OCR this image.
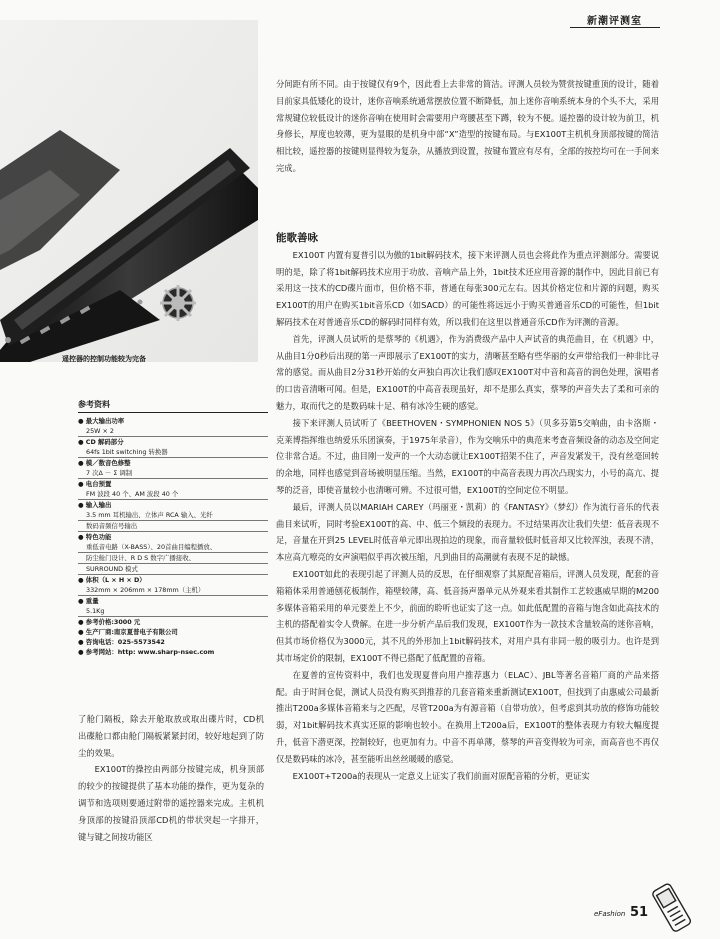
新潮评测室
遥控器的控制功能较为完备
参考资料
● 最大输出功率
25W × 2
● CD 解码部分
64fs 1bit switching 转换器
● 模／数音色修整
7 次Δ － Σ 调制
● 电台预置
FM 波段 40 个、AM 波段 40 个
● 输入输出
3.5 mm 耳机输出、立体声 RCA 输入、光纤
数码音频信号输出
● 特色功能
重低音电路（X-BASS）、20首曲目编程播放、
防尘舱门设计、R D S 数字广播接收、
SURROUND 模式
● 体积（L × H × D）
332mm × 206mm × 178mm（主机）
● 重量
5.1Kg
● 参考价格:3000 元
● 生产厂商:南京夏普电子有限公司
● 咨询电话：025-5573542
● 参考网站：http: www.sharp-nsec.com
分间距有所不同。由于按键仅有9个，因此看上去非常的简洁。评测人员较为赞赏按键重顶的设计，随着目前家具低矮化的设计，迷你音响系统通常摆放位置不断降低，加上迷你音响系统本身的个头不大，采用常规键位较低设计的迷你音响在使用时会需要用户弯腰甚至下蹲，较为不便。遥控器的设计较为前卫，机身修长，厚度也较薄，更为显眼的是机身中部“X”造型的按键布局。与EX100T主机机身顶部按键的简洁相比较，遥控器的按键则显得较为复杂，从播放到设置，按键布置应有尽有，全部的按控均可在一手间来完成。

能歌善咏

EX100T 内置有夏普引以为傲的1bit解码技术，接下来评测人员也会将此作为重点评测部分。需要说明的是，除了将1bit解码技术应用于功放、音响产品上外，1bit技术还应用音源的制作中，因此目前已有采用这一技术的CD碟片面市，但价格不菲，普通在每张300元左右。因其价格定位和片源的问题，购买EX100T的用户在购买1bit音乐CD（如SACD）的可能性将远远小于购买普通音乐CD的可能性，但1bit解码技术在对普通音乐CD的解码时同样有效，所以我们在这里以普通音乐CD作为评测的音源。

首先，评测人员试听的是蔡琴的《机遇》，作为消费级产品中人声试音的典范曲目，在《机遇》中，从曲目1分0秒后出现的第一声即展示了EX100T的实力，清晰甚至略有些华丽的女声带给我们一种非比寻常的感觉。而从曲目2分31秒开始的女声独白再次让我们感叹EX100T对中音和高音的润色处理，演唱者的口齿音清晰可闻。但是，EX100T的中高音表现虽好，却不是那么真实，蔡琴的声音失去了柔和可亲的魅力，取而代之的是数码味十足、稍有冰冷生硬的感觉。

接下来评测人员试听了《BEETHOVEN・SYMPHONIEN NOS 5》（贝多芬第5交响曲，由卡洛斯・克莱博指挥维也纳爱乐乐团演奏，于1975年录音），作为交响乐中的典范来考查音频设备的动态及空间定位非常合适。不过，曲目刚一发声的一个大动态就让EX100T招架不住了，声音发紧发干，没有丝毫回转的余地，同样也感觉到音场被明显压缩。当然，EX100T的中高音表现力再次凸现实力，小号的高亢、提琴的泛音，即使音量较小也清晰可辨。不过很可惜，EX100T的空间定位不明显。

最后，评测人员以MARIAH CAREY（玛丽亚・凯莉）的《FANTASY》（梦幻）作为流行音乐的代表曲目来试听，同时考验EX100T的高、中、低三个频段的表现力。不过结果再次让我们失望：低音表现不足，音量在开到25 LEVEL时低音单元即出现拍边的现象，而音量较低时低音却又比较浑浊，表现不清，本应高亢嘹亮的女声演唱似乎再次被压缩，凡到曲目的高潮就有表现不足的缺憾。

EX100T如此的表现引起了评测人员的反思，在仔细观察了其原配音箱后，评测人员发现，配套的音箱箱体采用普通刨花板制作，箱壁较薄，高、低音扬声器单元从外观来看其制作工艺较惠威早期的M200多媒体音箱采用的单元要差上不少，前面的聆听也证实了这一点。如此低配置的音箱与饱含如此高技术的主机的搭配着实令人费解。在进一步分析产品后我们发现，EX100T作为一款技术含量较高的迷你音响，但其市场价格仅为3000元，其不凡的外形加上1bit解码技术，对用户具有非同一般的吸引力。也许是到其市场定价的限制，EX100T不得已搭配了低配置的音箱。

在夏普的宣传资料中，我们也发现夏普向用户推荐惠力（ELAC）、JBL等著名音箱厂商的产品来搭配。由于时间仓促，测试人员没有购买到推荐的几套音箱来重新测试EX100T，但找到了由惠威公司最新推出T200a多媒体音箱来与之匹配，尽管T200a为有源音箱（自带功放），但考虑到其功放的修饰功能较弱，对1bit解码技术真实还原的影响也较小。在换用上T200a后，EX100T的整体表现力有较大幅度提升，低音下潜更深，控制较好，也更加有力。中音不再单薄，蔡琴的声音变得较为可亲，而高音也不再仅仅是数码味的冰冷，甚至能听出丝丝暖暖的感觉。

EX100T+T200a的表现从一定意义上证实了我们前面对原配音箱的分析，更证实

了舱门隔板，除去开舱取放或取出碟片时，CD机出碟舱口都由舱门隔板紧紧封闭，较好地起到了防尘的效果。

EX100T的操控由两部分按键完成，机身顶部的较少的按键提供了基本功能的操作，更为复杂的调节和选项则要通过附带的遥控器来完成。主机机身顶部的按键沿顶部CD机的带状突起一字排开，键与键之间按功能区

eFashion 51
